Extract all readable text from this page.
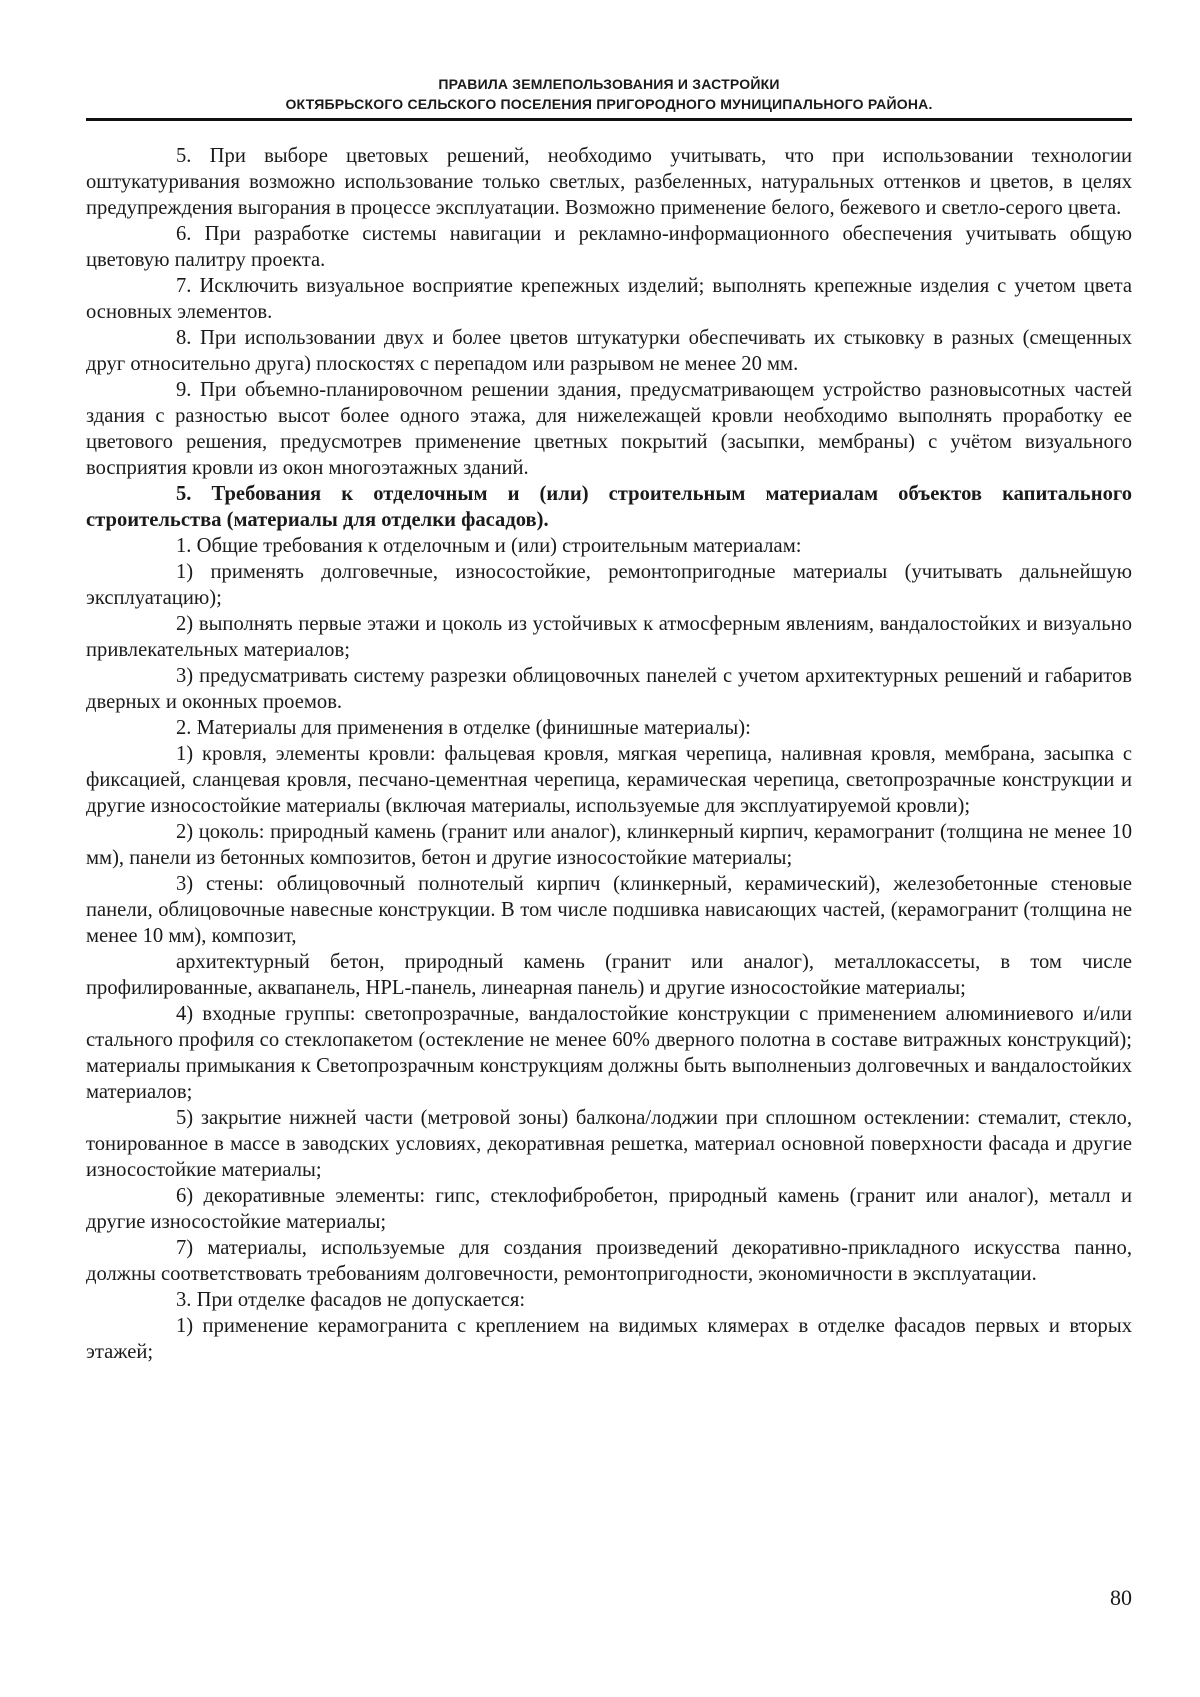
ПРАВИЛА ЗЕМЛЕПОЛЬЗОВАНИЯ И ЗАСТРОЙКИ
ОКТЯБРЬСКОГО СЕЛЬСКОГО ПОСЕЛЕНИЯ ПРИГОРОДНОГО МУНИЦИПАЛЬНОГО РАЙОНА.

5. При выборе цветовых решений, необходимо учитывать, что при использовании технологии оштукатуривания возможно использование только светлых, разбеленных, натуральных оттенков и цветов, в целях предупреждения выгорания в процессе эксплуатации. Возможно применение белого, бежевого и светло-серого цвета.

6. При разработке системы навигации и рекламно-информационного обеспечения учитывать общую цветовую палитру проекта.

7. Исключить визуальное восприятие крепежных изделий; выполнять крепежные изделия с учетом цвета основных элементов.

8. При использовании двух и более цветов штукатурки обеспечивать их стыковку в разных (смещенных друг относительно друга) плоскостях с перепадом или разрывом не менее 20 мм.

9. При объемно-планировочном решении здания, предусматривающем устройство разновысотных частей здания с разностью высот более одного этажа, для нижележащей кровли необходимо выполнять проработку ее цветового решения, предусмотрев применение цветных покрытий (засыпки, мембраны) с учётом визуального восприятия кровли из окон многоэтажных зданий.

5. Требования к отделочным и (или) строительным материалам объектов капитального строительства (материалы для отделки фасадов).

1. Общие требования к отделочным и (или) строительным материалам:

1) применять долговечные, износостойкие, ремонтопригодные материалы (учитывать дальнейшую эксплуатацию);

2) выполнять первые этажи и цоколь из устойчивых к атмосферным явлениям, вандалостойких и визуально привлекательных материалов;

3) предусматривать систему разрезки облицовочных панелей с учетом архитектурных решений и габаритов дверных и оконных проемов.

2. Материалы для применения в отделке (финишные материалы):

1) кровля, элементы кровли: фальцевая кровля, мягкая черепица, наливная кровля, мембрана, засыпка с фиксацией, сланцевая кровля, песчано-цементная черепица, керамическая черепица, светопрозрачные конструкции и другие износостойкие материалы (включая материалы, используемые для эксплуатируемой кровли);

2) цоколь: природный камень (гранит или аналог), клинкерный кирпич, керамогранит (толщина не менее 10 мм), панели из бетонных композитов, бетон и другие износостойкие материалы;

3) стены: облицовочный полнотелый кирпич (клинкерный, керамический), железобетонные стеновые панели, облицовочные навесные конструкции. В том числе подшивка нависающих частей, (керамогранит (толщина не менее 10 мм), композит,

архитектурный бетон, природный камень (гранит или аналог), металлокассеты, в том числе профилированные, аквапанель, HPL-панель, линеарная панель) и другие износостойкие материалы;

4) входные группы: светопрозрачные, вандалостойкие конструкции с применением алюминиевого и/или стального профиля со стеклопакетом (остекление не менее 60% дверного полотна в составе витражных конструкций); материалы примыкания к Светопрозрачным конструкциям должны быть выполненыиз долговечных и вандалостойких материалов;

5) закрытие нижней части (метровой зоны) балкона/лоджии при сплошном остеклении: стемалит, стекло, тонированное в массе в заводских условиях, декоративная решетка, материал основной поверхности фасада и другие износостойкие материалы;

6) декоративные элементы: гипс, стеклофибробетон, природный камень (гранит или аналог), металл и другие износостойкие материалы;

7) материалы, используемые для создания произведений декоративно-прикладного искусства панно, должны соответствовать требованиям долговечности, ремонтопригодности, экономичности в эксплуатации.

3. При отделке фасадов не допускается:

1) применение керамогранита с креплением на видимых клямерах в отделке фасадов первых и вторых этажей;

80
